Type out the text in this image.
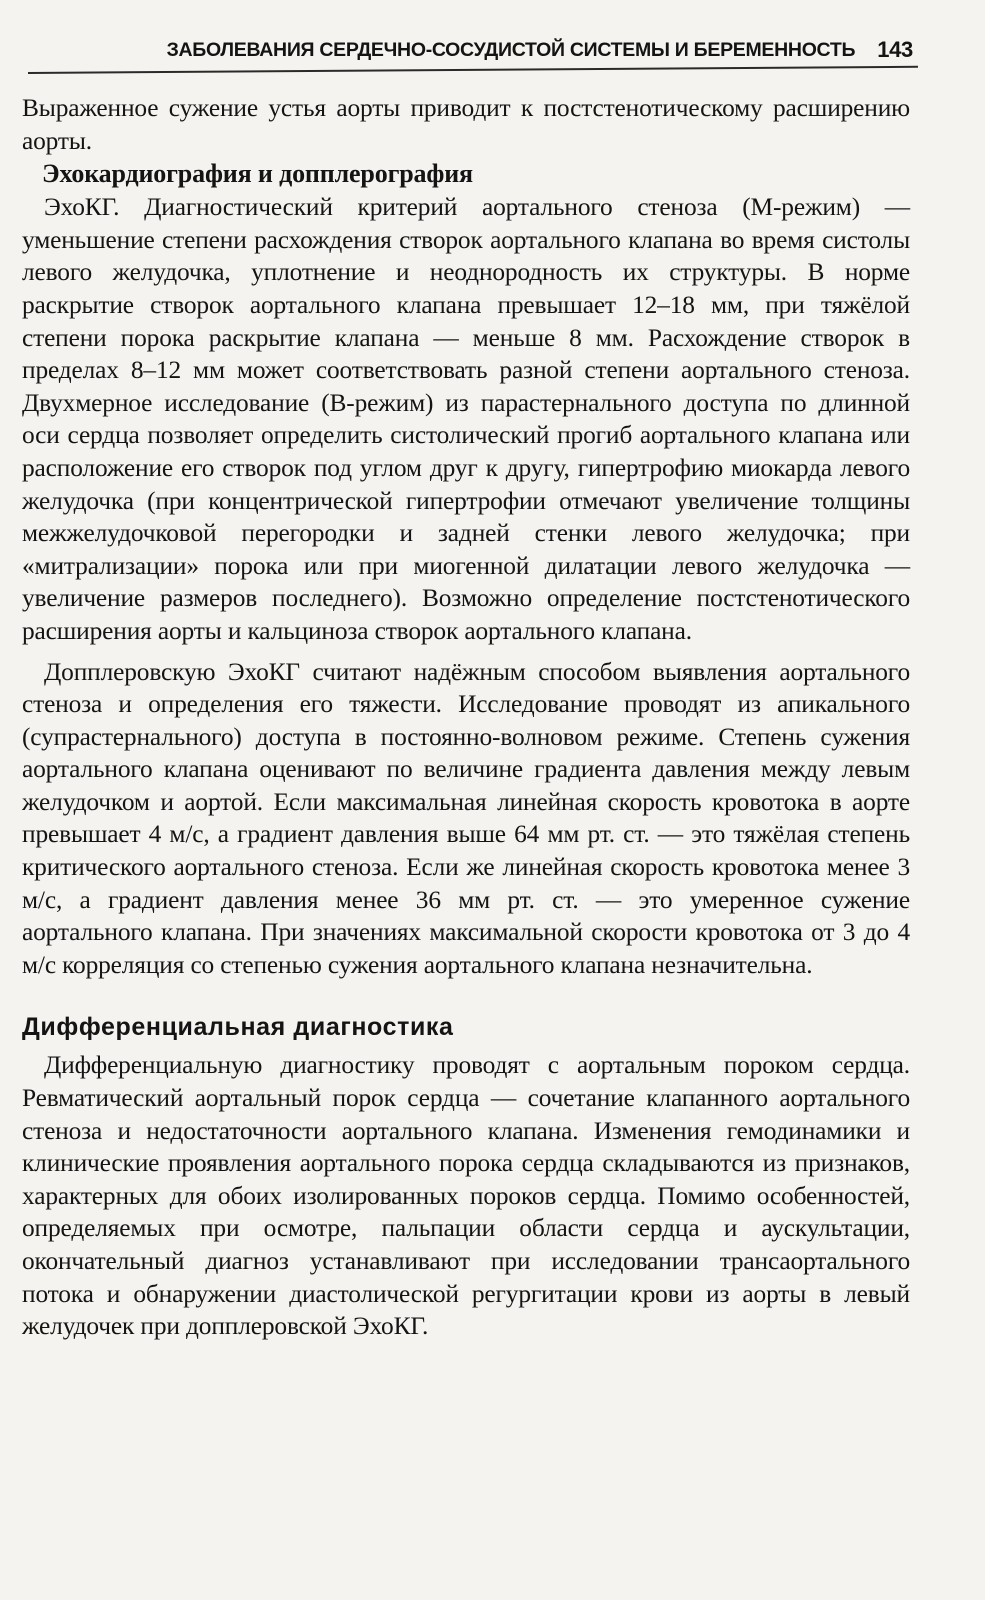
ЗАБОЛЕВАНИЯ СЕРДЕЧНО-СОСУДИСТОЙ СИСТЕМЫ И БЕРЕМЕННОСТЬ 143

Выраженное сужение устья аорты приводит к постстенотическому расширению аорты.

Эхокардиография и допплерография

ЭхоКГ. Диагностический критерий аортального стеноза (М-режим) — уменьшение степени расхождения створок аортального клапана во время систолы левого желудочка, уплотнение и неоднородность их структуры. В норме раскрытие створок аортального клапана превышает 12–18 мм, при тяжёлой степени порока раскрытие клапана — меньше 8 мм. Расхождение створок в пределах 8–12 мм может соответствовать разной степени аортального стеноза. Двухмерное исследование (В-режим) из парастернального доступа по длинной оси сердца позволяет определить систолический прогиб аортального клапана или расположение его створок под углом друг к другу, гипертрофию миокарда левого желудочка (при концентрической гипертрофии отмечают увеличение толщины межжелудочковой перегородки и задней стенки левого желудочка; при «митрализации» порока или при миогенной дилатации левого желудочка — увеличение размеров последнего). Возможно определение постстенотического расширения аорты и кальциноза створок аортального клапана.

Допплеровскую ЭхоКГ считают надёжным способом выявления аортального стеноза и определения его тяжести. Исследование проводят из апикального (супрастернального) доступа в постоянно-волновом режиме. Степень сужения аортального клапана оценивают по величине градиента давления между левым желудочком и аортой. Если максимальная линейная скорость кровотока в аорте превышает 4 м/с, а градиент давления выше 64 мм рт. ст. — это тяжёлая степень критического аортального стеноза. Если же линейная скорость кровотока менее 3 м/с, а градиент давления менее 36 мм рт. ст. — это умеренное сужение аортального клапана. При значениях максимальной скорости кровотока от 3 до 4 м/с корреляция со степенью сужения аортального клапана незначительна.

Дифференциальная диагностика

Дифференциальную диагностику проводят с аортальным пороком сердца. Ревматический аортальный порок сердца — сочетание клапанного аортального стеноза и недостаточности аортального клапана. Изменения гемодинамики и клинические проявления аортального порока сердца складываются из признаков, характерных для обоих изолированных пороков сердца. Помимо особенностей, определяемых при осмотре, пальпации области сердца и аускультации, окончательный диагноз устанавливают при исследовании трансаортального потока и обнаружении диастолической регургитации крови из аорты в левый желудочек при допплеровской ЭхоКГ.
